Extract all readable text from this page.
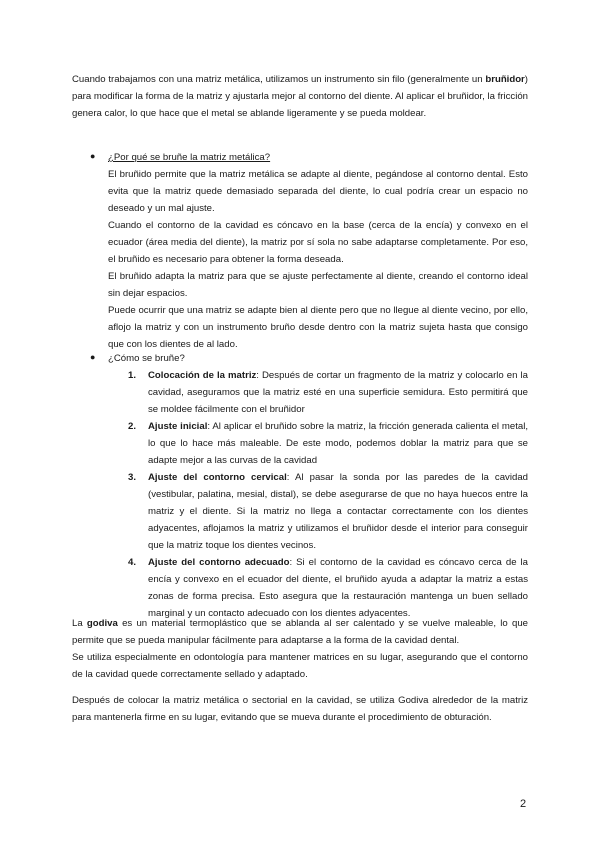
Cuando trabajamos con una matriz metálica, utilizamos un instrumento sin filo (generalmente un bruñidor) para modificar la forma de la matriz y ajustarla mejor al contorno del diente. Al aplicar el bruñidor, la fricción genera calor, lo que hace que el metal se ablande ligeramente y se pueda moldear.

●	¿Por qué se bruñe la matriz metálica?

El bruñido permite que la matriz metálica se adapte al diente, pegándose al contorno dental. Esto evita que la matriz quede demasiado separada del diente, lo cual podría crear un espacio no deseado y un mal ajuste.

Cuando el contorno de la cavidad es cóncavo en la base (cerca de la encía) y convexo en el ecuador (área media del diente), la matriz por sí sola no sabe adaptarse completamente. Por eso, el bruñido es necesario para obtener la forma deseada.

El bruñido adapta la matriz para que se ajuste perfectamente al diente, creando el contorno ideal sin dejar espacios.

Puede ocurrir que una matriz se adapte bien al diente pero que no llegue al diente vecino, por ello, aflojo la matriz y con un instrumento bruño desde dentro con la matriz sujeta hasta que consigo que con los dientes de al lado.

●	¿Cómo se bruñe?

1. Colocación de la matriz: Después de cortar un fragmento de la matriz y colocarlo en la cavidad, aseguramos que la matriz esté en una superficie semidura. Esto permitirá que se moldee fácilmente con el bruñidor
2. Ajuste inicial: Al aplicar el bruñido sobre la matriz, la fricción generada calienta el metal, lo que lo hace más maleable. De este modo, podemos doblar la matriz para que se adapte mejor a las curvas de la cavidad
3. Ajuste del contorno cervical: Al pasar la sonda por las paredes de la cavidad (vestibular, palatina, mesial, distal), se debe asegurarse de que no haya huecos entre la matriz y el diente. Si la matriz no llega a contactar correctamente con los dientes adyacentes, aflojamos la matriz y utilizamos el bruñidor desde el interior para conseguir que la matriz toque los dientes vecinos.
4. Ajuste del contorno adecuado: Si el contorno de la cavidad es cóncavo cerca de la encía y convexo en el ecuador del diente, el bruñido ayuda a adaptar la matriz a estas zonas de forma precisa. Esto asegura que la restauración mantenga un buen sellado marginal y un contacto adecuado con los dientes adyacentes.

La godiva es un material termoplástico que se ablanda al ser calentado y se vuelve maleable, lo que permite que se pueda manipular fácilmente para adaptarse a la forma de la cavidad dental.

Se utiliza especialmente en odontología para mantener matrices en su lugar, asegurando que el contorno de la cavidad quede correctamente sellado y adaptado.

Después de colocar la matriz metálica o sectorial en la cavidad, se utiliza Godiva alrededor de la matriz para mantenerla firme en su lugar, evitando que se mueva durante el procedimiento de obturación.

2
